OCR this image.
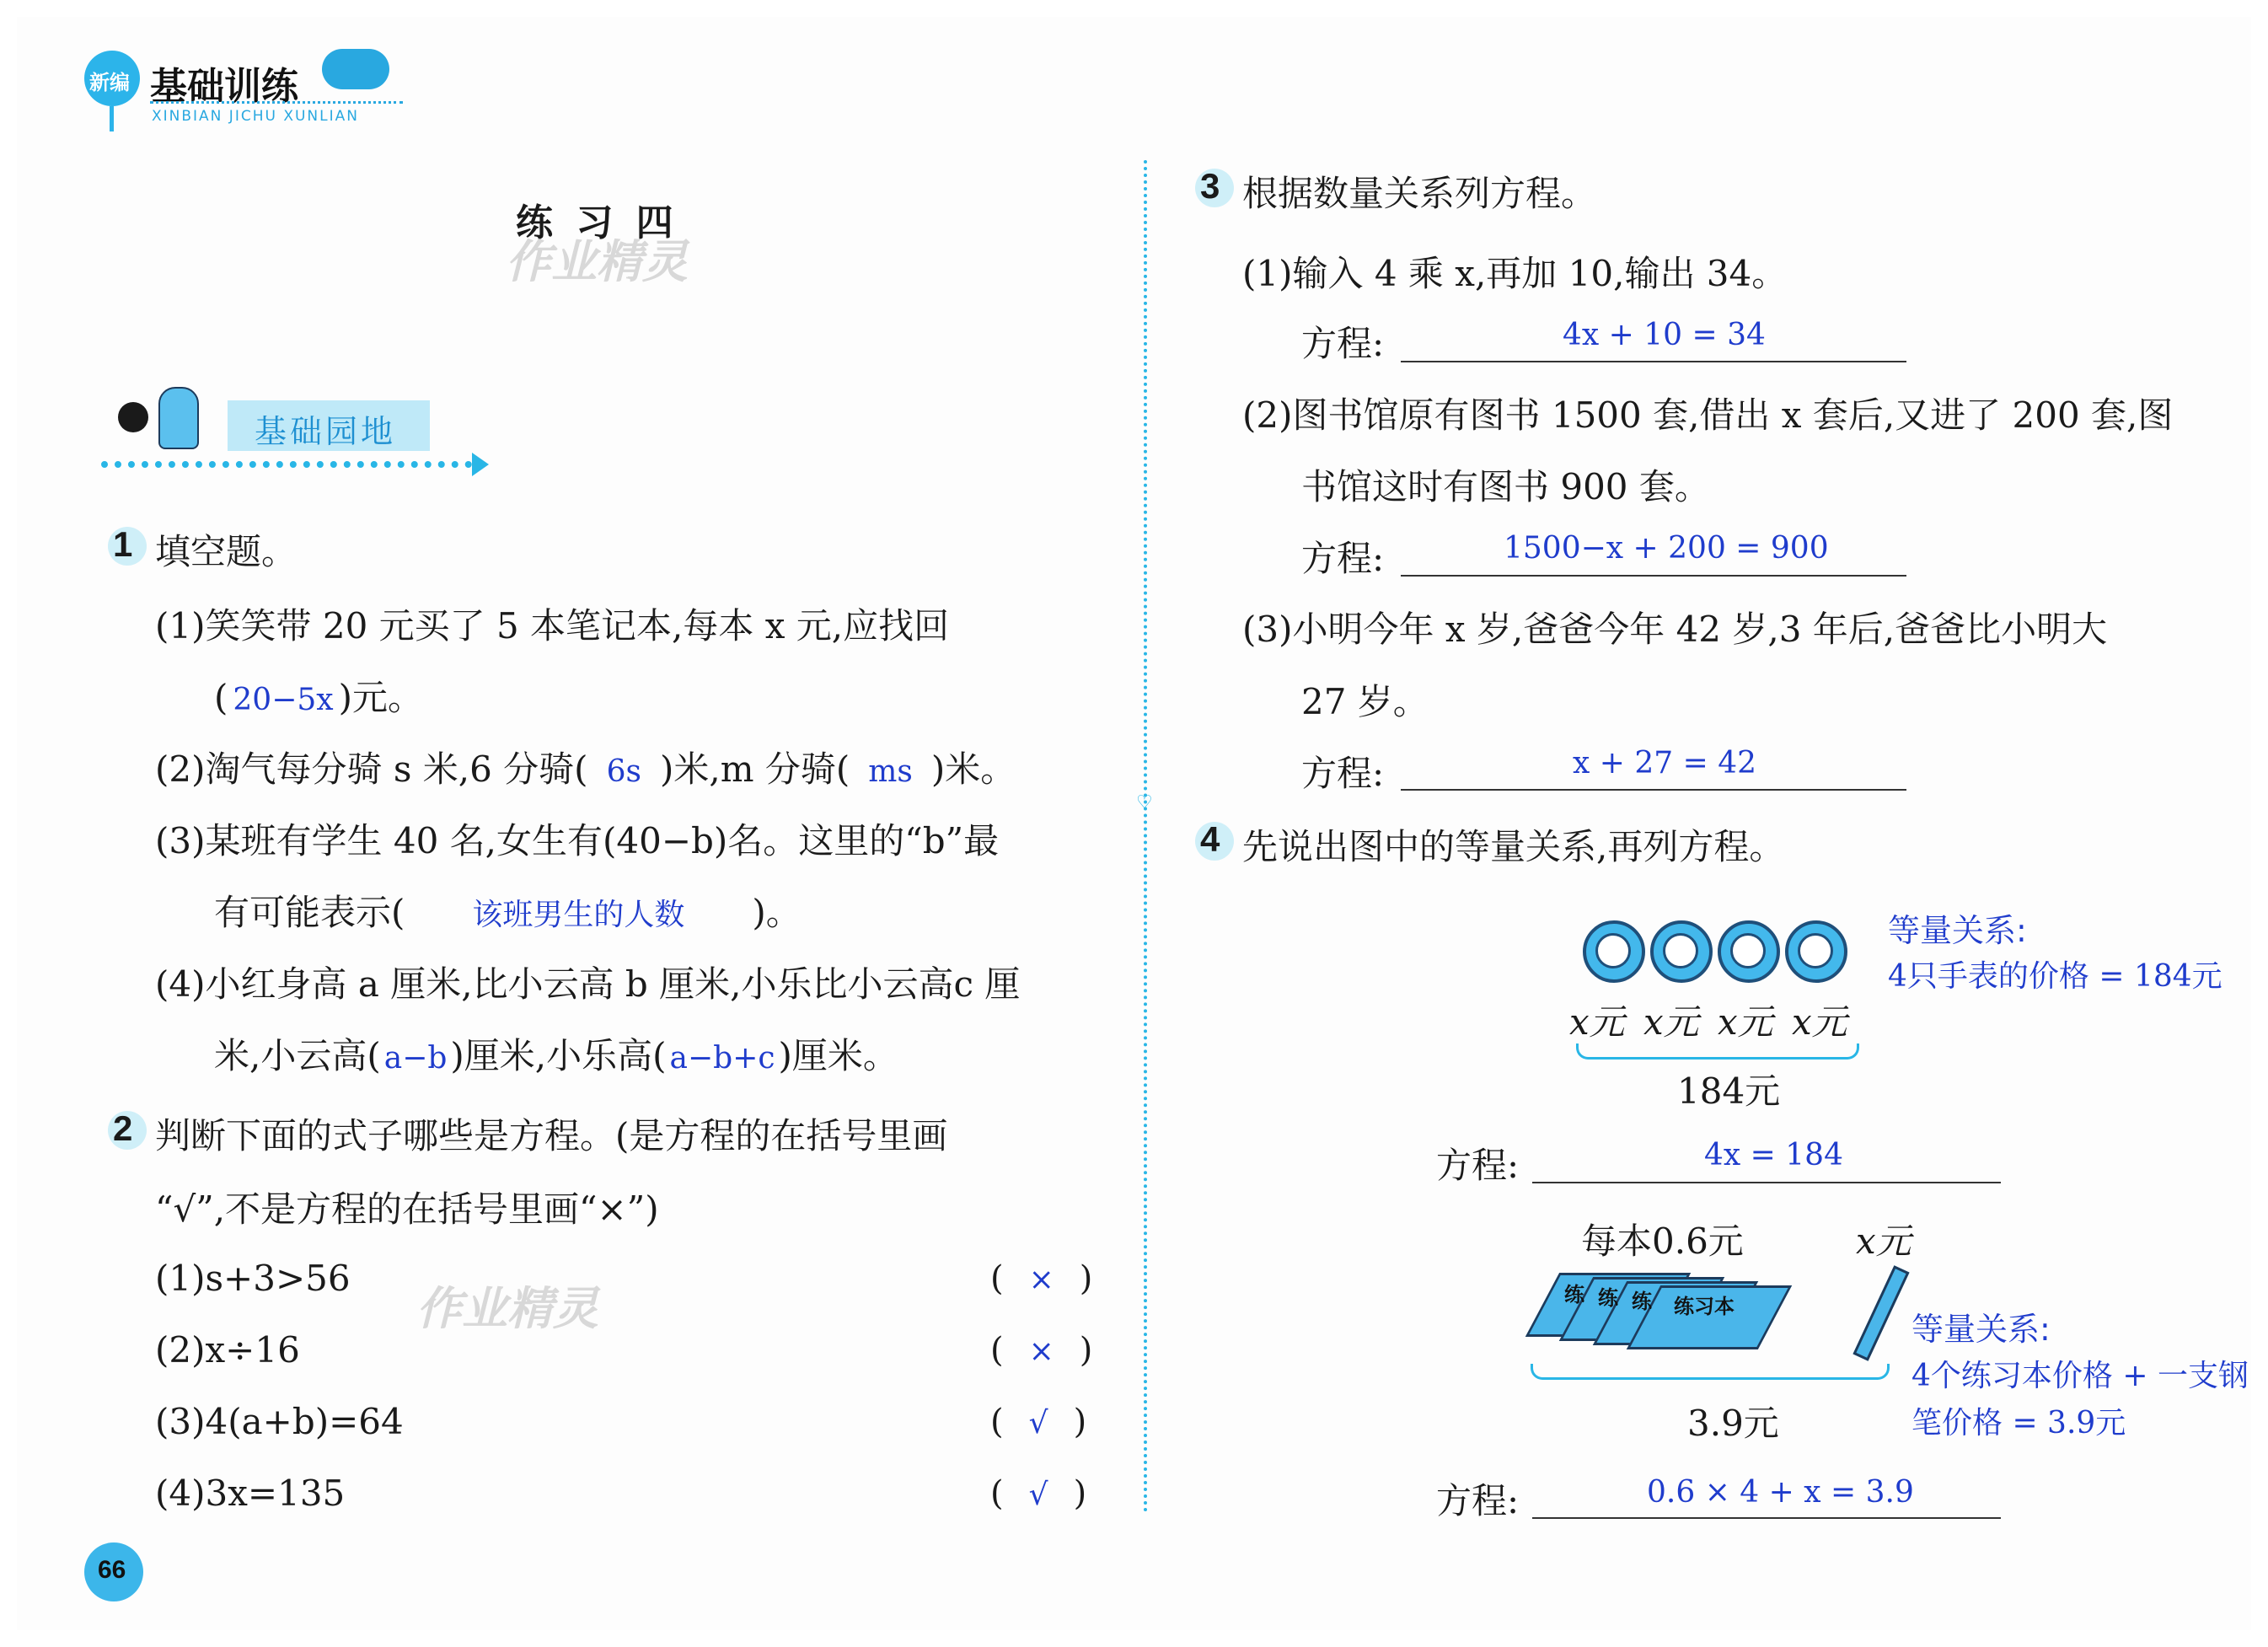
新编 基础训练
XINBIAN JICHU XUNLIAN
练 习 四
作业精灵
基础园地
1 填空题。
(1)笑笑带 20 元买了 5 本笔记本,每本 x 元,应找回
( 20−5x )元。
(2)淘气每分骑 s 米,6 分骑( 6s )米,m 分骑( ms )米。
(3)某班有学生 40 名,女生有(40−b)名。这里的“b”最
有可能表示( 该班男生的人数 )。
(4)小红身高 a 厘米,比小云高 b 厘米,小乐比小云高c 厘
米,小云高( a−b)厘米,小乐高( a−b+c)厘米。
2 判断下面的式子哪些是方程。(是方程的在括号里画
“√”,不是方程的在括号里画“×”)
(1)s+3>56	( × )
作业精灵
(2)x÷16	( × )
(3)4(a+b)=64	( √ )
(4)3x=135	( √ )
66
♡
3 根据数量关系列方程。
(1)输入 4 乘 x,再加 10,输出 34。
方程:	4x + 10 = 34
(2)图书馆原有图书 1500 套,借出 x 套后,又进了 200 套,图
书馆这时有图书 900 套。
方程:	1500−x + 200 = 900
(3)小明今年 x 岁,爸爸今年 42 岁,3 年后,爸爸比小明大
27 岁。
方程:	x + 27 = 42
4 先说出图中的等量关系,再列方程。
x元 x元 x元 x元
184元
等量关系:
4只手表的价格 = 184元
方程:	4x = 184
每本0.6元	x元
练 练 练 练习本
3.9元
等量关系:
4个练习本价格 + 一支钢
笔价格 = 3.9元
方程:	0.6 × 4 + x = 3.9
